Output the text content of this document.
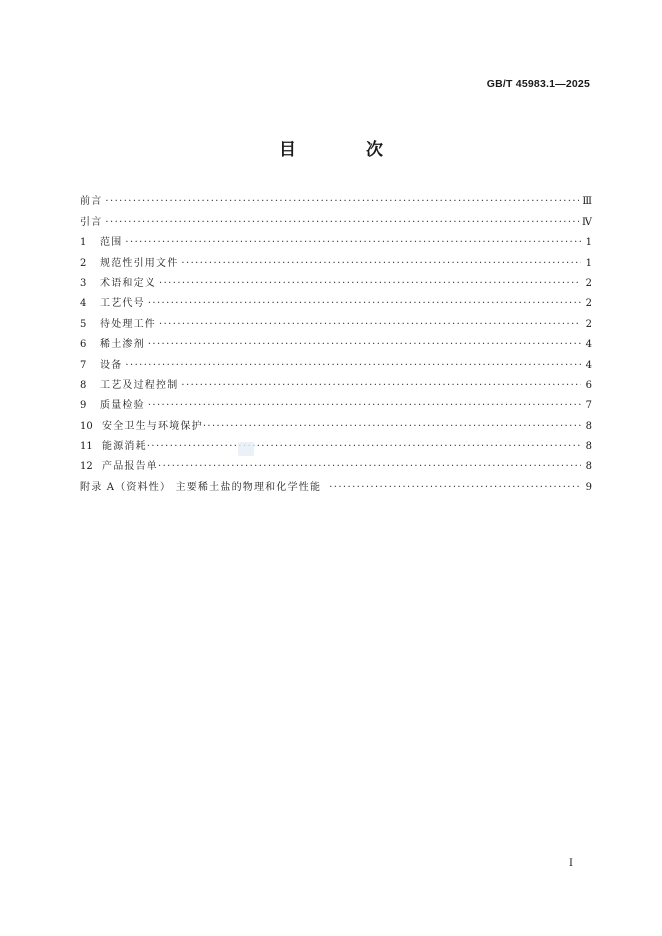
GB/T 45983.1—2025
目 次
前言 ·····	Ⅲ
引言 ·····	Ⅳ
1	范围 ·····	1
2	规范性引用文件 ·····	1
3	术语和定义 ·····	2
4	工艺代号 ·····	2
5	待处理工件 ·····	2
6	稀土渗剂 ·····	4
7	设备 ·····	4
8	工艺及过程控制 ·····	6
9	质量检验 ·····	7
10 安全卫生与环境保护 ·····	8
11 能源消耗 ·····	8
12 产品报告单 ·····	8
附录 A（资料性） 主要稀土盐的物理和化学性能 ·····	9
Ⅰ
